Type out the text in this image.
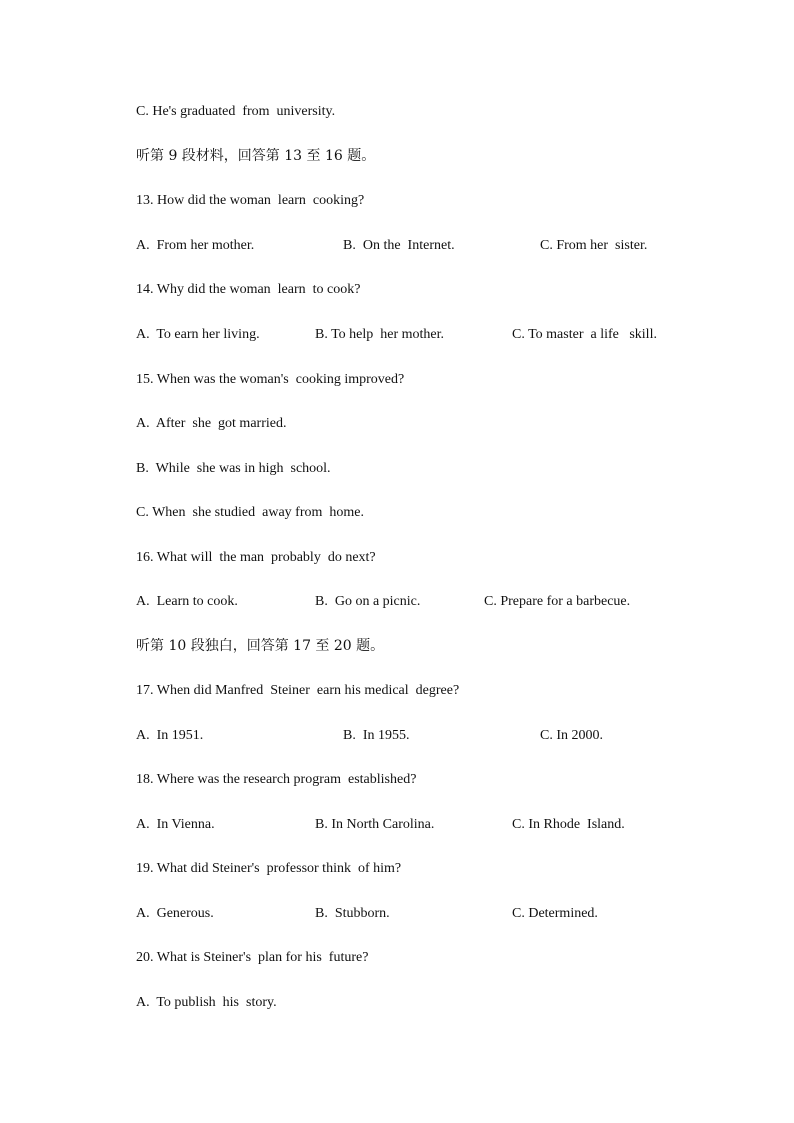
C. He's graduated  from  university.
听第 9 段材料，回答第 13 至 16 题。
13. How did the woman  learn  cooking?
A.  From her mother.	B.  On the  Internet.	C. From her  sister.
14. Why did the woman  learn  to cook?
A.  To earn her living.	B. To help  her mother.	C. To master  a life   skill.
15. When was the woman's  cooking improved?
A.  After  she  got married.
B.  While  she was in high  school.
C. When  she studied  away from  home.
16. What will  the man  probably  do next?
A.  Learn to cook.	B.  Go on a picnic.	C. Prepare for a barbecue.
听第 10 段独白，回答第 17 至 20 题。
17. When did Manfred  Steiner  earn his medical  degree?
A.  In 1951.	B.  In 1955.	C. In 2000.
18. Where was the research program  established?
A.  In Vienna.	B. In North Carolina.	C. In Rhode  Island.
19. What did Steiner's  professor think  of him?
A.  Generous.	B.  Stubborn.	C. Determined.
20. What is Steiner's  plan for his  future?
A.  To publish  his  story.
